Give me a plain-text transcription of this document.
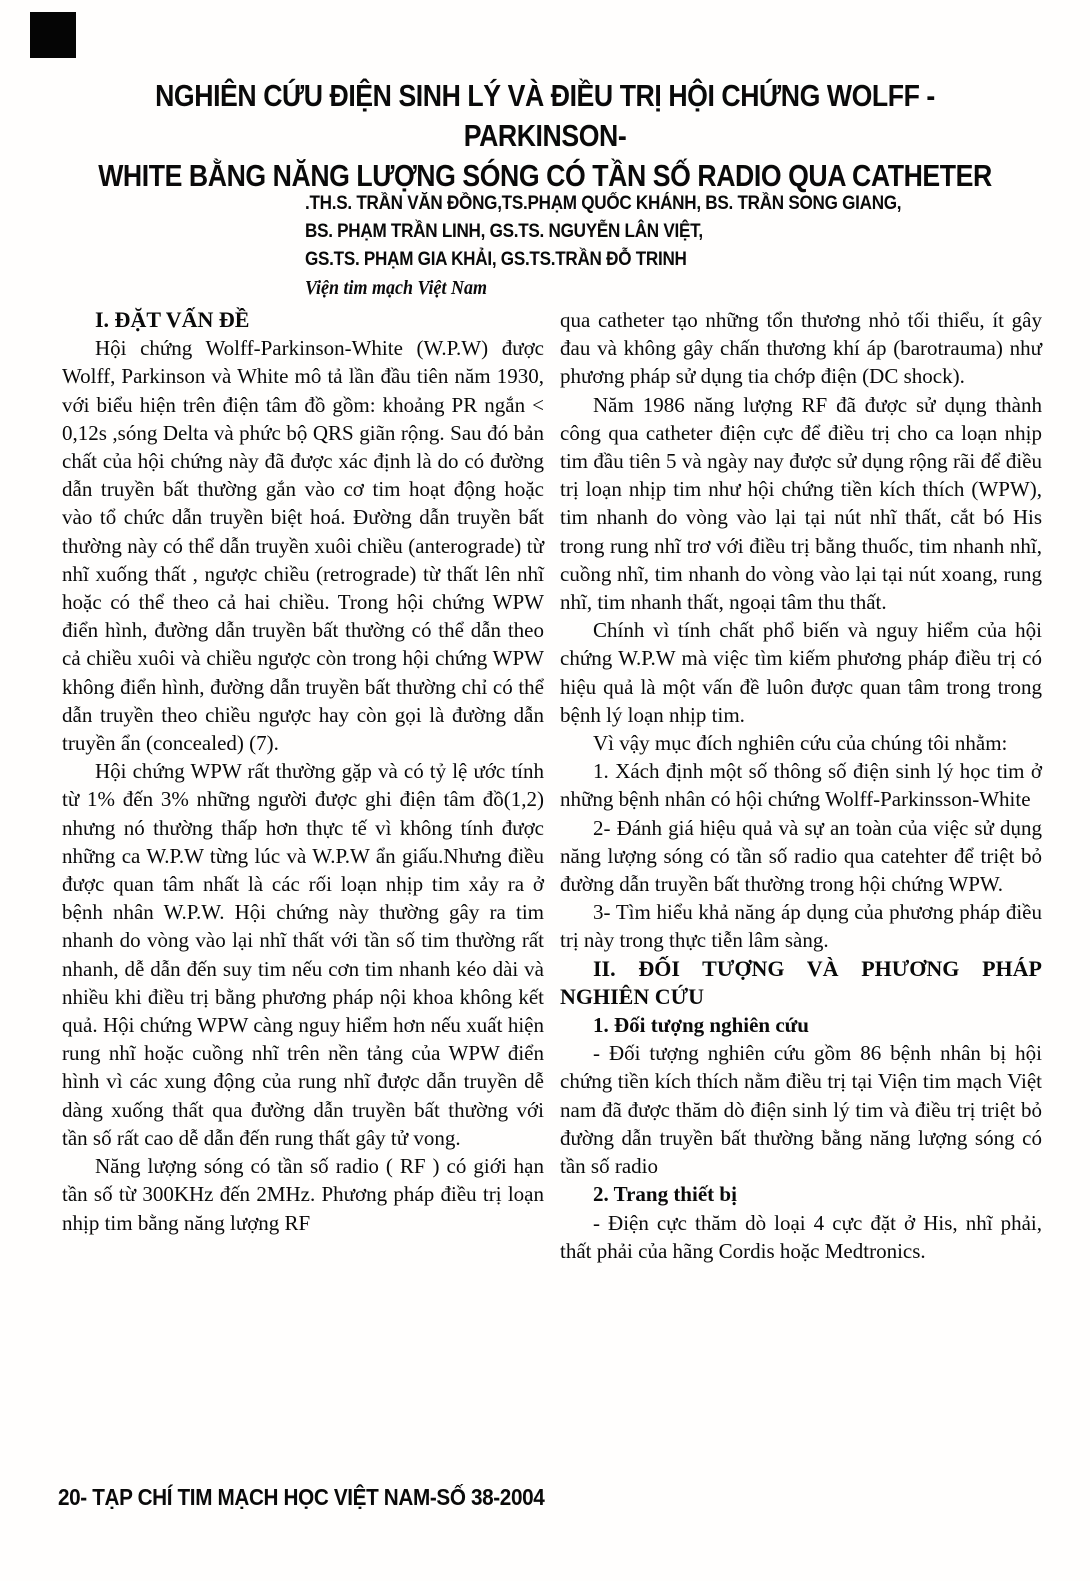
NGHIÊN CỨU ĐIỆN SINH LÝ VÀ ĐIỀU TRỊ HỘI CHỨNG WOLFF - PARKINSON-
WHITE BẰNG NĂNG LƯỢNG SÓNG CÓ TẦN SỐ RADIO QUA CATHETER
.TH.S. TRẦN VĂN ĐỒNG,TS.PHẠM QUỐC KHÁNH, BS. TRẦN SONG GIANG,
BS. PHẠM TRẦN LINH, GS.TS. NGUYỄN LÂN VIỆT,
GS.TS. PHẠM GIA KHẢI, GS.TS.TRẦN ĐỖ TRINH
Viện tim mạch Việt Nam
I. ĐẶT VẤN ĐỀ
Hội chứng Wolff-Parkinson-White (W.P.W) được Wolff, Parkinson và White mô tả lần đầu tiên năm 1930, với biểu hiện trên điện tâm đồ gồm: khoảng PR ngắn < 0,12s ,sóng Delta và phức bộ QRS giãn rộng. Sau đó bản chất của hội chứng này đã được xác định là do có đường dẫn truyền bất thường gắn vào cơ tim hoạt động hoặc vào tổ chức dẫn truyền biệt hoá. Đường dẫn truyền bất thường này có thể dẫn truyền xuôi chiều (anterograde) từ nhĩ xuống thất , ngược chiều (retrograde) từ thất lên nhĩ hoặc có thể theo cả hai chiều. Trong hội chứng WPW điển hình, đường dẫn truyền bất thường có thể dẫn theo cả chiều xuôi và chiều ngược còn trong hội chứng WPW không điển hình, đường dẫn truyền bất thường chỉ có thể dẫn truyền theo chiều ngược hay còn gọi là đường dẫn truyền ẩn (concealed) (7).
Hội chứng WPW rất thường gặp và có tỷ lệ ước tính từ 1% đến 3% những người được ghi điện tâm đồ(1,2) nhưng nó thường thấp hơn thực tế vì không tính được những ca W.P.W từng lúc và W.P.W ẩn giấu.Nhưng điều được quan tâm nhất là các rối loạn nhịp tim xảy ra ở bệnh nhân W.P.W. Hội chứng này thường gây ra tim nhanh do vòng vào lại nhĩ thất với tần số tim thường rất nhanh, dễ dẫn đến suy tim nếu cơn tim nhanh kéo dài và nhiều khi điều trị bằng phương pháp nội khoa không kết quả. Hội chứng WPW càng nguy hiểm hơn nếu xuất hiện rung nhĩ hoặc cuồng nhĩ trên nền tảng của WPW điển hình vì các xung động của rung nhĩ được dẫn truyền dễ dàng xuống thất qua đường dẫn truyền bất thường với tần số rất cao dễ dẫn đến rung thất gây tử vong.
Năng lượng sóng có tần số radio ( RF ) có giới hạn tần số từ 300KHz đến 2MHz. Phương pháp điều trị loạn nhịp tim bằng năng lượng RF
qua catheter tạo những tổn thương nhỏ tối thiểu, ít gây đau và không gây chấn thương khí áp (barotrauma) như phương pháp sử dụng tia chớp điện (DC shock).
Năm 1986 năng lượng RF đã được sử dụng thành công qua catheter điện cực để điều trị cho ca loạn nhịp tim đầu tiên 5 và ngày nay được sử dụng rộng rãi để điều trị loạn nhịp tim như hội chứng tiền kích thích (WPW), tim nhanh do vòng vào lại tại nút nhĩ thất, cắt bó His trong rung nhĩ trơ với điều trị bằng thuốc, tim nhanh nhĩ, cuồng nhĩ, tim nhanh do vòng vào lại tại nút xoang, rung nhĩ, tim nhanh thất, ngoại tâm thu thất.
Chính vì tính chất phổ biến và nguy hiểm của hội chứng W.P.W mà việc tìm kiếm phương pháp điều trị có hiệu quả là một vấn đề luôn được quan tâm trong trong bệnh lý loạn nhịp tim.
Vì vậy mục đích nghiên cứu của chúng tôi nhằm:
1. Xách định một số thông số điện sinh lý học tim ở những bệnh nhân có hội chứng Wolff-Parkinsson-White
2- Đánh giá hiệu quả và sự an toàn của việc sử dụng năng lượng sóng có tần số radio qua catehter để triệt bỏ đường dẫn truyền bất thường trong hội chứng WPW.
3- Tìm hiểu khả năng áp dụng của phương pháp điều trị này trong thực tiễn lâm sàng.
II. ĐỐI TƯỢNG VÀ PHƯƠNG PHÁP NGHIÊN CỨU
1. Đối tượng nghiên cứu
- Đối tượng nghiên cứu gồm 86 bệnh nhân bị hội chứng tiền kích thích nằm điều trị tại Viện tim mạch Việt nam đã được thăm dò điện sinh lý tim và điều trị triệt bỏ đường dẫn truyền bất thường bằng năng lượng sóng có tần số radio
2. Trang thiết bị
- Điện cực thăm dò loại 4 cực đặt ở His, nhĩ phải, thất phải của hãng Cordis hoặc Medtronics.
20- TẠP CHÍ TIM MẠCH HỌC VIỆT NAM-SỐ 38-2004
